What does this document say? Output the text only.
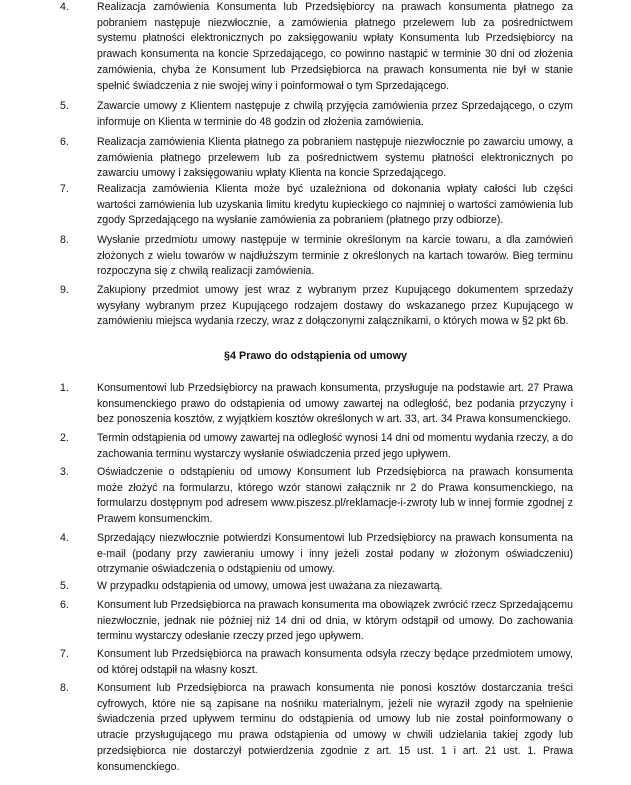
4.	Realizacja zamówienia Konsumenta lub Przedsiębiorcy na prawach konsumenta płatnego za pobraniem następuje niezwłocznie, a zamówienia płatnego przelewem lub za pośrednictwem systemu płatności elektronicznych po zaksięgowaniu wpłaty Konsumenta lub Przedsiębiorcy na prawach konsumenta na koncie Sprzedającego, co powinno nastąpić w terminie 30 dni od złożenia zamówienia, chyba że Konsument lub Przedsiębiorca na prawach konsumenta nie był w stanie spełnić świadczenia z nie swojej winy i poinformował o tym Sprzedającego.
5.	Zawarcie umowy z Klientem następuje z chwilą przyjęcia zamówienia przez Sprzedającego, o czym informuje on Klienta w terminie do 48 godzin od złożenia zamówienia.
6.	Realizacja zamówienia Klienta płatnego za pobraniem następuje niezwłocznie po zawarciu umowy, a zamówienia płatnego przelewem lub za pośrednictwem systemu płatności elektronicznych po zawarciu umowy i zaksięgowaniu wpłaty Klienta na koncie Sprzedającego.
7.	Realizacja zamówienia Klienta może być uzależniona od dokonania wpłaty całości lub części wartości zamówienia lub uzyskania limitu kredytu kupieckiego co najmniej o wartości zamówienia lub zgody Sprzedającego na wysłanie zamówienia za pobraniem (płatnego przy odbiorze).
8.	Wysłanie przedmiotu umowy następuje w terminie określonym na karcie towaru, a dla zamówień złożonych z wielu towarów w najdłuższym terminie z określonych na kartach towarów. Bieg terminu rozpoczyna się z chwilą realizacji zamówienia.
9.	Zakupiony przedmiot umowy jest wraz z wybranym przez Kupującego dokumentem sprzedaży wysyłany wybranym przez Kupującego rodzajem dostawy do wskazanego przez Kupującego w zamówieniu miejsca wydania rzeczy, wraz z dołączonymi załącznikami, o których mowa w §2 pkt 6b.
§4 Prawo do odstąpienia od umowy
1.	Konsumentowi lub Przedsiębiorcy na prawach konsumenta, przysługuje na podstawie art. 27 Prawa konsumenckiego prawo do odstąpienia od umowy zawartej na odległość, bez podania przyczyny i bez ponoszenia kosztów, z wyjątkiem kosztów określonych w art. 33, art. 34 Prawa konsumenckiego.
2.	Termin odstąpienia od umowy zawartej na odległość wynosi 14 dni od momentu wydania rzeczy, a do zachowania terminu wystarczy wysłanie oświadczenia przed jego upływem.
3.	Oświadczenie o odstąpieniu od umowy Konsument lub Przedsiębiorca na prawach konsumenta może złożyć na formularzu, którego wzór stanowi załącznik nr 2 do Prawa konsumenckiego, na formularzu dostępnym pod adresem www.piszesz.pl/reklamacje-i-zwroty lub w innej formie zgodnej z Prawem konsumenckim.
4.	Sprzedający niezwłocznie potwierdzi Konsumentowi lub Przedsiębiorcy na prawach konsumenta na e-mail (podany przy zawieraniu umowy i inny jeżeli został podany w złożonym oświadczeniu) otrzymanie oświadczenia o odstąpieniu od umowy.
5.	W przypadku odstąpienia od umowy, umowa jest uważana za niezawartą.
6.	Konsument lub Przedsiębiorca na prawach konsumenta ma obowiązek zwrócić rzecz Sprzedającemu niezwłocznie, jednak nie później niż 14 dni od dnia, w którym odstąpił od umowy. Do zachowania terminu wystarczy odesłanie rzeczy przed jego upływem.
7.	Konsument lub Przedsiębiorca na prawach konsumenta odsyła rzeczy będące przedmiotem umowy, od której odstąpił na własny koszt.
8.	Konsument lub Przedsiębiorca na prawach konsumenta nie ponosi kosztów dostarczania treści cyfrowych, które nie są zapisane na nośniku materialnym, jeżeli nie wyraził zgody na spełnienie świadczenia przed upływem terminu do odstąpienia od umowy lub nie został poinformowany o utracie przysługującego mu prawa odstąpienia od umowy w chwili udzielania takiej zgody lub przedsiębiorca nie dostarczył potwierdzenia zgodnie z art. 15 ust. 1 i art. 21 ust. 1. Prawa konsumenckiego.
